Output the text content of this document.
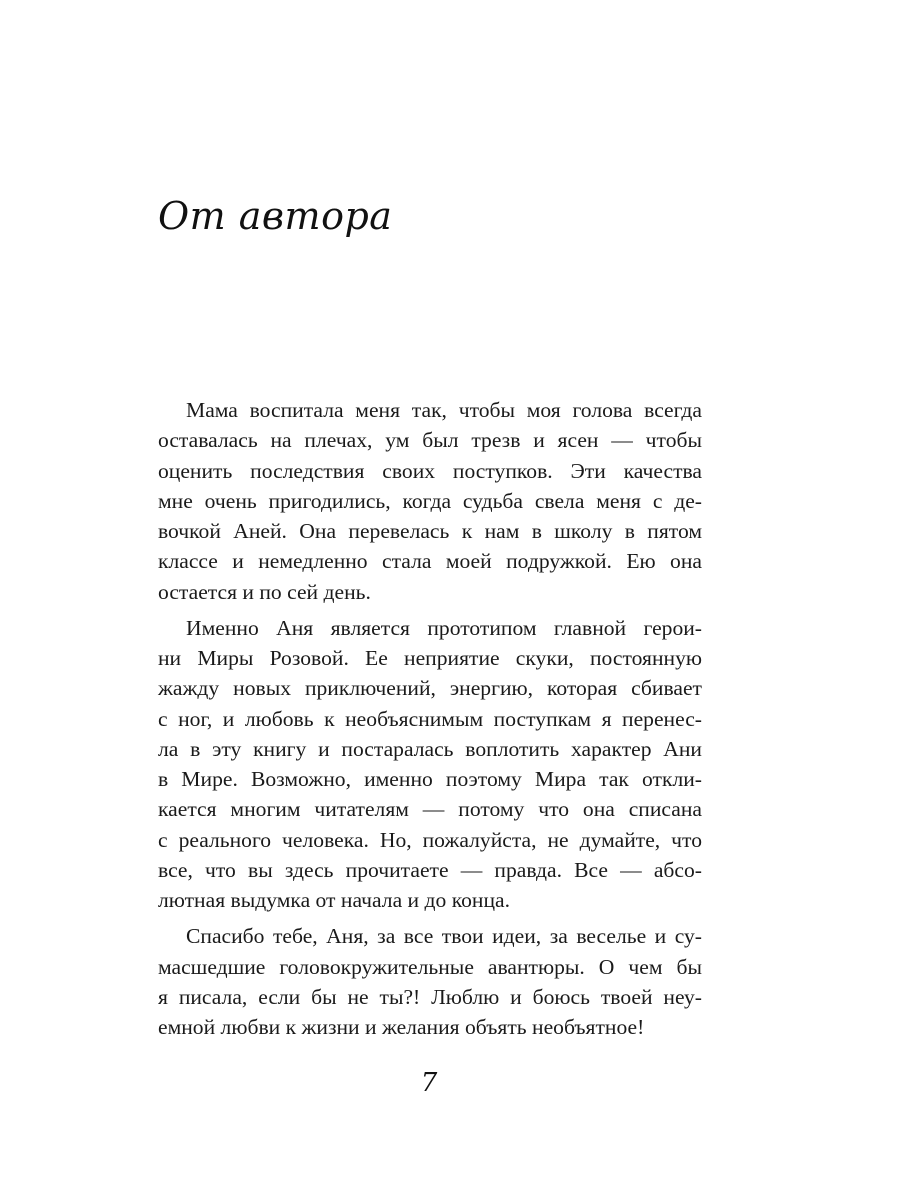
От автора

Мама воспитала меня так, чтобы моя голова всегда
оставалась на плечах, ум был трезв и ясен — чтобы
оценить последствия своих поступков. Эти качества
мне очень пригодились, когда судьба свела меня с де-
вочкой Аней. Она перевелась к нам в школу в пятом
классе и немедленно стала моей подружкой. Ею она
остается и по сей день.

Именно Аня является прототипом главной герои-
ни Миры Розовой. Ее неприятие скуки, постоянную
жажду новых приключений, энергию, которая сбивает
с ног, и любовь к необъяснимым поступкам я перенес-
ла в эту книгу и постаралась воплотить характер Ани
в Мире. Возможно, именно поэтому Мира так откли-
кается многим читателям — потому что она списана
с реального человека. Но, пожалуйста, не думайте, что
все, что вы здесь прочитаете — правда. Все — абсо-
лютная выдумка от начала и до конца.

Спасибо тебе, Аня, за все твои идеи, за веселье и су-
масшедшие головокружительные авантюры. О чем бы
я писала, если бы не ты?! Люблю и боюсь твоей неу-
емной любви к жизни и желания объять необъятное!

7
